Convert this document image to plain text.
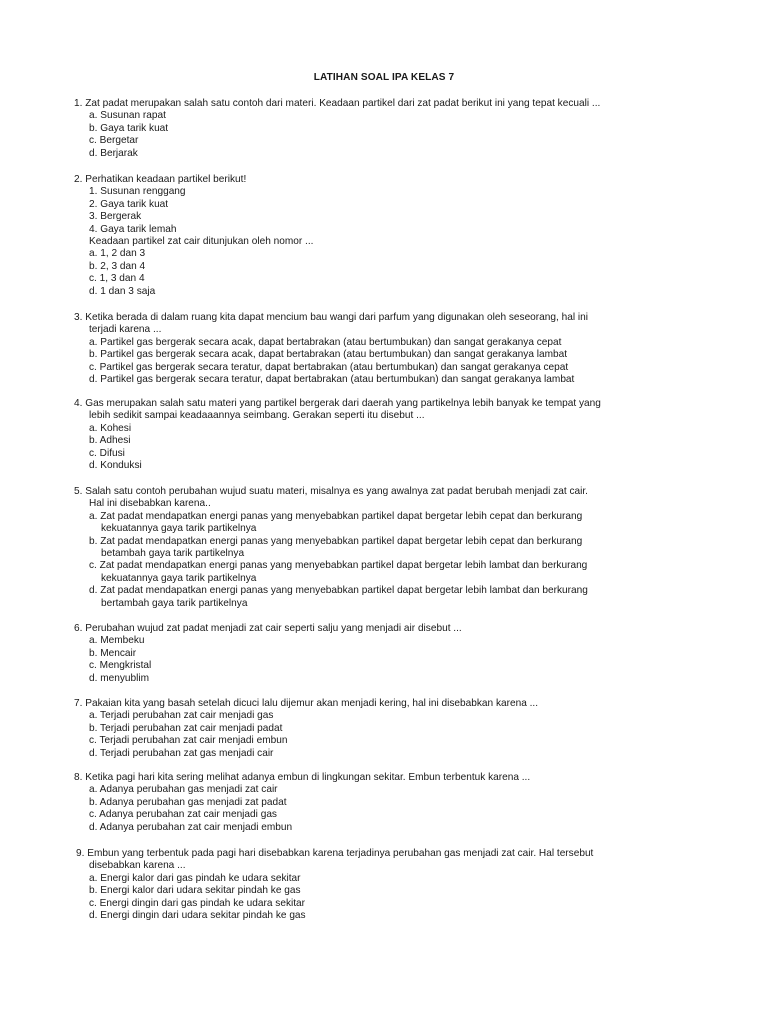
LATIHAN SOAL IPA KELAS 7
1. Zat padat merupakan salah satu contoh dari materi. Keadaan partikel dari zat padat berikut ini yang tepat kecuali ...
a. Susunan rapat
b. Gaya tarik kuat
c. Bergetar
d. Berjarak
2. Perhatikan keadaan partikel berikut!
1. Susunan renggang
2. Gaya tarik kuat
3. Bergerak
4. Gaya tarik lemah
Keadaan partikel zat cair ditunjukan oleh nomor ...
a. 1, 2 dan 3
b. 2, 3 dan 4
c. 1, 3 dan 4
d. 1 dan 3 saja
3. Ketika berada di dalam ruang kita dapat mencium bau wangi dari parfum yang digunakan oleh seseorang, hal ini
terjadi karena ...
a. Partikel gas bergerak secara acak, dapat bertabrakan (atau bertumbukan) dan sangat gerakanya cepat
b. Partikel gas bergerak secara acak, dapat bertabrakan (atau bertumbukan) dan sangat gerakanya lambat
c. Partikel gas bergerak secara teratur, dapat bertabrakan (atau bertumbukan) dan sangat gerakanya cepat
d. Partikel gas bergerak secara teratur, dapat bertabrakan (atau bertumbukan) dan sangat gerakanya lambat
4. Gas merupakan salah satu materi yang partikel bergerak dari daerah yang partikelnya lebih banyak ke tempat yang
lebih sedikit sampai keadaaannya seimbang. Gerakan seperti itu disebut ...
a. Kohesi
b. Adhesi
c. Difusi
d. Konduksi
5. Salah satu contoh perubahan wujud suatu materi, misalnya es yang awalnya zat padat berubah menjadi zat cair.
Hal ini disebabkan karena..
a. Zat padat mendapatkan energi panas yang menyebabkan partikel dapat bergetar lebih cepat dan berkurang
kekuatannya gaya tarik partikelnya
b. Zat padat mendapatkan energi panas yang menyebabkan partikel dapat bergetar lebih cepat dan berkurang
betambah gaya tarik partikelnya
c. Zat padat mendapatkan energi panas yang menyebabkan partikel dapat bergetar lebih lambat dan berkurang
kekuatannya gaya tarik partikelnya
d. Zat padat mendapatkan energi panas yang menyebabkan partikel dapat bergetar lebih lambat dan berkurang
bertambah gaya tarik partikelnya
6. Perubahan wujud zat padat menjadi zat cair seperti salju yang menjadi air disebut ...
a. Membeku
b. Mencair
c. Mengkristal
d. menyublim
7. Pakaian kita yang basah setelah dicuci lalu dijemur akan menjadi kering, hal ini disebabkan karena ...
a. Terjadi perubahan zat cair menjadi gas
b. Terjadi perubahan zat cair menjadi padat
c. Terjadi perubahan zat cair menjadi embun
d. Terjadi perubahan zat gas menjadi cair
8. Ketika pagi hari kita sering melihat adanya embun di lingkungan sekitar. Embun terbentuk karena ...
a. Adanya perubahan gas menjadi zat cair
b. Adanya perubahan gas menjadi zat padat
c. Adanya perubahan zat cair menjadi gas
d. Adanya perubahan zat cair menjadi embun
9. Embun yang terbentuk pada pagi hari disebabkan karena terjadinya perubahan gas menjadi zat cair. Hal tersebut
disebabkan karena ...
a. Energi kalor dari gas pindah ke udara sekitar
b. Energi kalor dari udara sekitar pindah ke gas
c. Energi dingin dari gas pindah ke udara sekitar
d. Energi dingin dari udara sekitar pindah ke gas
